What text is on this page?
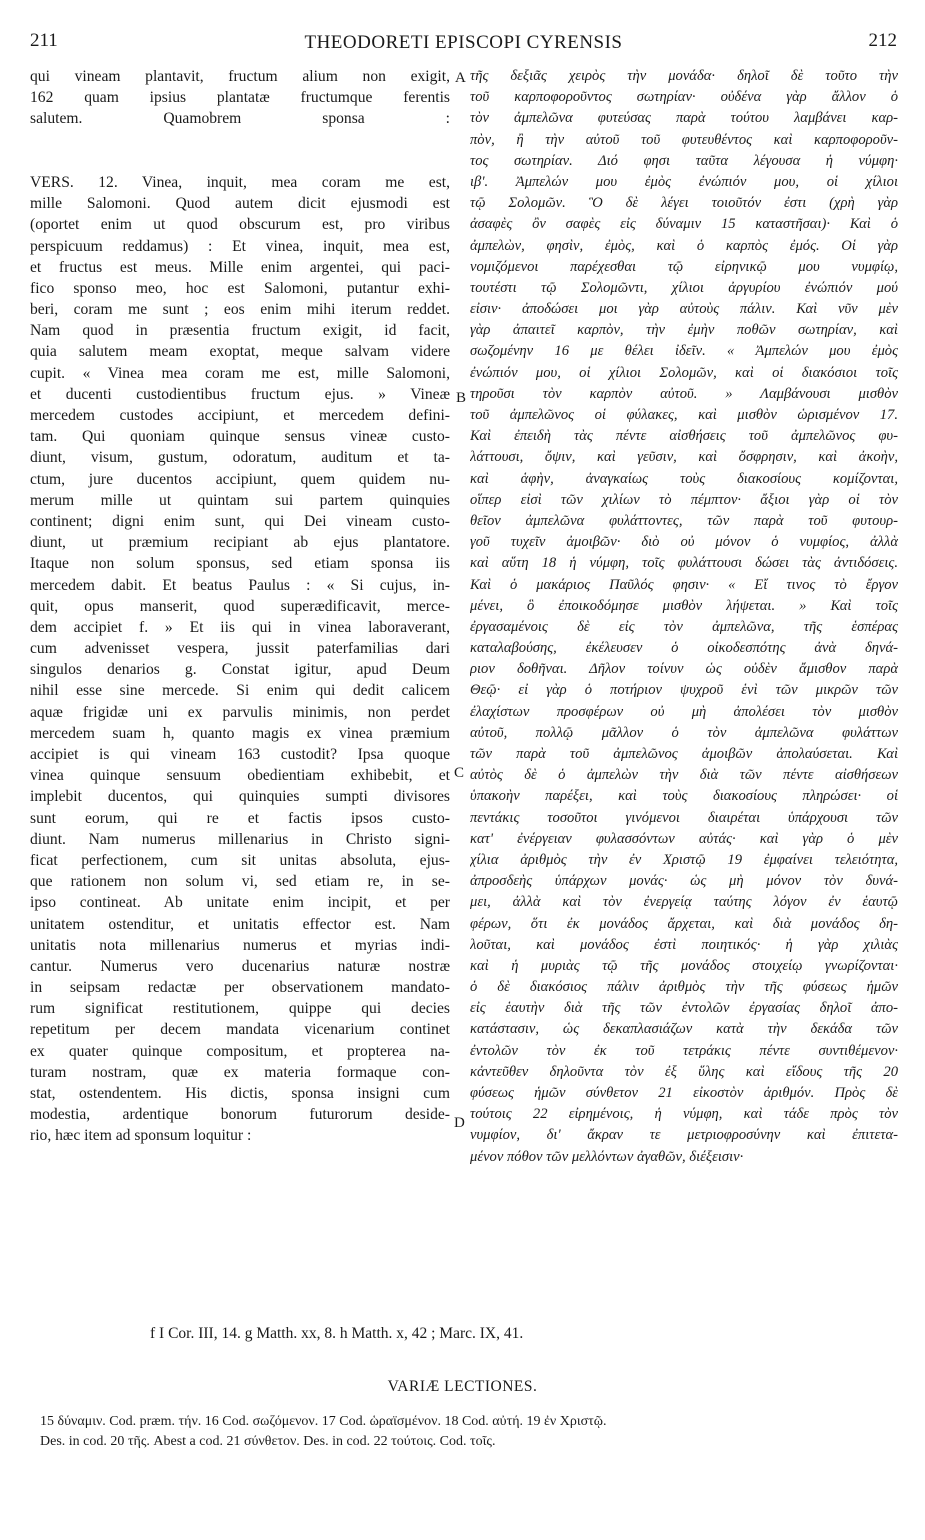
211	THEODORETI EPISCOPI CYRENSIS	212
qui vineam plantavit, fructum alium non exigit,
162 quam ipsius plantatæ fructumque ferentis
salutem. Quamobrem sponsa :
VERS. 12. Vinea, inquit, mea coram me est,
mille Salomoni. Quod autem dicit ejusmodi est
(oportet enim ut quod obscurum est, pro viribus
perspicuum reddamus) : Et vinea, inquit, mea est,
et fructus est meus. Mille enim argentei, qui paci-
fico sponso meo, hoc est Salomoni, putantur exhi-
beri, coram me sunt ; eos enim mihi iterum reddet.
Nam quod in præsentia fructum exigit, id facit,
quia salutem meam exoptat, meque salvam videre
cupit. « Vinea mea coram me est, mille Salomoni,
et ducenti custodientibus fructum ejus. » Vineæ
mercedem custodes accipiunt, et mercedem defini-
tam. Qui quoniam quinque sensus vineæ custo-
diunt, visum, gustum, odoratum, auditum et ta-
ctum, jure ducentos accipiunt, quem quidem nu-
merum mille ut quintam sui partem quinquies
continent; digni enim sunt, qui Dei vineam custo-
diunt, ut præmium recipiant ab ejus plantatore.
Itaque non solum sponsus, sed etiam sponsa iis
mercedem dabit. Et beatus Paulus : « Si cujus, in-
quit, opus manserit, quod superædificavit, merce-
dem accipiet f. » Et iis qui in vinea laboraverant,
cum advenisset vespera, jussit paterfamilias dari
singulos denarios g. Constat igitur, apud Deum
nihil esse sine mercede. Si enim qui dedit calicem
aquæ frigidæ uni ex parvulis minimis, non perdet
mercedem suam h, quanto magis ex vinea præmium
accipiet is qui vineam 163 custodit? Ipsa quoque
vinea quinque sensuum obedientiam exhibebit, et
implebit ducentos, qui quinquies sumpti divisores
sunt eorum, qui re et factis ipsos custo-
diunt. Nam numerus millenarius in Christo signi-
ficat perfectionem, cum sit unitas absoluta, ejus-
que rationem non solum vi, sed etiam re, in se-
ipso contineat. Ab unitate enim incipit, et per
unitatem ostenditur, et unitatis effector est. Nam
unitatis nota millenarius numerus et myrias indi-
cantur. Numerus vero ducenarius naturæ nostræ
in seipsam redactæ per observationem mandato-
rum significat restitutionem, quippe qui decies
repetitum per decem mandata vicenarium continet
ex quater quinque compositum, et propterea na-
turam nostram, quæ ex materia formaque con-
stat, ostendentem. His dictis, sponsa insigni cum
modestia, ardentique bonorum futurorum deside-
rio, hæc item ad sponsum loquitur :
τῆς δεξιᾶς χειρὸς τὴν μονάδα· δηλοῖ δὲ τοῦτο τὴν
τοῦ καρποφοροῦντος σωτηρίαν· οὐδένα γὰρ ἄλλον ὁ
τὸν ἀμπελῶνα φυτεύσας παρὰ τούτου λαμβάνει καρ-
πὸν, ἢ τὴν αὐτοῦ τοῦ φυτευθέντος καὶ καρποφοροῦν-
τος σωτηρίαν. Διό φησι ταῦτα λέγουσα ἡ νύμφη·
ιβʹ. Ἀμπελών μου ἐμὸς ἐνώπιόν μου, οἱ χίλιοι
τῷ Σολομῶν. Ὃ δὲ λέγει τοιοῦτόν ἐστι (χρὴ γὰρ
ἀσαφὲς ὂν σαφὲς εἰς δύναμιν 15 καταστῆσαι)· Καὶ ὁ
ἀμπελὼν, φησὶν, ἐμὸς, καὶ ὁ καρπὸς ἐμός. Οἱ γὰρ
νομιζόμενοι παρέχεσθαι τῷ εἰρηνικῷ μου νυμφίῳ,
τουτέστι τῷ Σολομῶντι, χίλιοι ἀργυρίου ἐνώπιόν μού
εἰσιν· ἀποδώσει μοι γὰρ αὐτοὺς πάλιν. Καὶ νῦν μὲν
γὰρ ἀπαιτεῖ καρπὸν, τὴν ἐμὴν ποθῶν σωτηρίαν, καὶ
σωζομένην 16 με θέλει ἰδεῖν. « Ἀμπελών μου ἐμὸς
ἐνώπιόν μου, οἱ χίλιοι Σολομῶν, καὶ οἱ διακόσιοι τοῖς
τηροῦσι τὸν καρπὸν αὐτοῦ. » Λαμβάνουσι μισθὸν
τοῦ ἀμπελῶνος οἱ φύλακες, καὶ μισθὸν ὡρισμένον 17.
Καὶ ἐπειδὴ τὰς πέντε αἰσθήσεις τοῦ ἀμπελῶνος φυ-
λάττουσι, ὄψιν, καὶ γεῦσιν, καὶ ὄσφρησιν, καὶ ἀκοὴν,
καὶ ἁφὴν, ἀναγκαίως τοὺς διακοσίους κομίζονται,
οἵπερ εἰσὶ τῶν χιλίων τὸ πέμπτον· ἄξιοι γὰρ οἱ τὸν
θεῖον ἀμπελῶνα φυλάττοντες, τῶν παρὰ τοῦ φυτουρ-
γοῦ τυχεῖν ἀμοιβῶν· διὸ οὐ μόνον ὁ νυμφίος, ἀλλὰ
καὶ αὕτη 18 ἡ νύμφη, τοῖς φυλάττουσι δώσει τὰς ἀντιδόσεις.
Καὶ ὁ μακάριος Παῦλός φησιν· « Εἴ τινος τὸ ἔργον
μένει, ὃ ἐποικοδόμησε μισθὸν λήψεται. » Καὶ τοῖς
ἐργασαμένοις δὲ εἰς τὸν ἀμπελῶνα, τῆς ἑσπέρας
καταλαβούσης, ἐκέλευσεν ὁ οἰκοδεσπότης ἀνὰ δηνά-
ριον δοθῆναι. Δῆλον τοίνυν ὡς οὐδὲν ἄμισθον παρὰ
Θεῷ· εἰ γὰρ ὁ ποτήριον ψυχροῦ ἑνὶ τῶν μικρῶν τῶν
ἐλαχίστων προσφέρων οὐ μὴ ἀπολέσει τὸν μισθὸν
αὐτοῦ, πολλῷ μᾶλλον ὁ τὸν ἀμπελῶνα φυλάττων
τῶν παρὰ τοῦ ἀμπελῶνος ἀμοιβῶν ἀπολαύσεται. Καὶ
αὐτὸς δὲ ὁ ἀμπελὼν τὴν διὰ τῶν πέντε αἰσθήσεων
ὑπακοὴν παρέξει, καὶ τοὺς διακοσίους πληρώσει· οἱ
πεντάκις τοσοῦτοι γινόμενοι διαιρέται ὑπάρχουσι τῶν
κατ' ἐνέργειαν φυλασσόντων αὐτάς· καὶ γὰρ ὁ μὲν
χίλια ἀριθμὸς τὴν ἐν Χριστῷ 19 ἐμφαίνει τελειότητα,
ἀπροσδεὴς ὑπάρχων μονάς· ὡς μὴ μόνον τὸν δυνά-
μει, ἀλλὰ καὶ τὸν ἐνεργείᾳ ταύτης λόγον ἐν ἑαυτῷ
φέρων, ὅτι ἐκ μονάδος ἄρχεται, καὶ διὰ μονάδος δη-
λοῦται, καὶ μονάδος ἐστὶ ποιητικός· ἡ γὰρ χιλιὰς
καὶ ἡ μυριὰς τῷ τῆς μονάδος στοιχείῳ γνωρίζονται·
ὁ δὲ διακόσιος πάλιν ἀριθμὸς τὴν τῆς φύσεως ἡμῶν
εἰς ἑαυτὴν διὰ τῆς τῶν ἐντολῶν ἐργασίας δηλοῖ ἀπο-
κατάστασιν, ὡς δεκαπλασιάζων κατὰ τὴν δεκάδα τῶν
ἐντολῶν τὸν ἐκ τοῦ τετράκις πέντε συντιθέμενον·
κἀντεῦθεν δηλοῦντα τὸν ἐξ ὕλης καὶ εἴδους τῆς 20
φύσεως ἡμῶν σύνθετον 21 εἰκοστὸν ἀριθμόν. Πρὸς δὲ
τούτοις 22 εἰρημένοις, ἡ νύμφη, καὶ τάδε πρὸς τὸν
νυμφίον, δι' ἄκραν τε μετριοφροσύνην καὶ ἐπιτετα-
μένον πόθον τῶν μελλόντων ἀγαθῶν, διέξεισιν·
A
B
C
D
f I Cor. III, 14. g Matth. xx, 8. h Matth. x, 42 ; Marc. IX, 41.
VARIÆ LECTIONES.
15 δύναμιν. Cod. præm. τήν. 16 Cod. σωζόμενον. 17 Cod. ὡραϊσμένον. 18 Cod. αὐτή. 19 ἐν Χριστῷ.
Des. in cod. 20 τῆς. Abest a cod. 21 σύνθετον. Des. in cod. 22 τούτοις. Cod. τοῖς.
